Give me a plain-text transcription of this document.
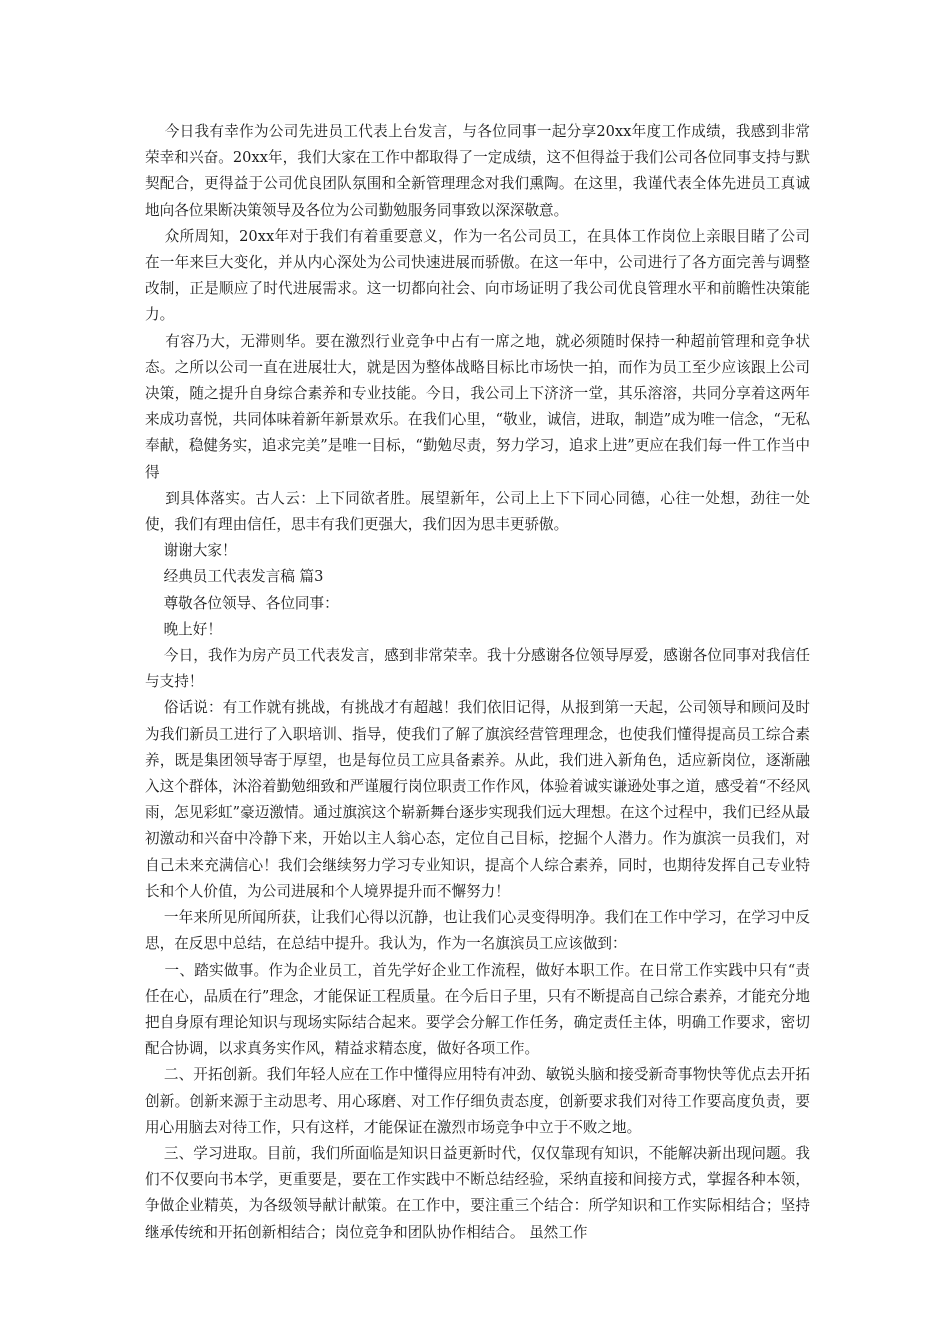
今日我有幸作为公司先进员工代表上台发言，与各位同事一起分享20xx年度工作成绩，我感到非常荣幸和兴奋。20xx年，我们大家在工作中都取得了一定成绩，这不但得益于我们公司各位同事支持与默契配合，更得益于公司优良团队氛围和全新管理理念对我们熏陶。在这里，我谨代表全体先进员工真诚地向各位果断决策领导及各位为公司勤勉服务同事致以深深敬意。

众所周知，20xx年对于我们有着重要意义，作为一名公司员工，在具体工作岗位上亲眼目睹了公司在一年来巨大变化，并从内心深处为公司快速进展而骄傲。在这一年中，公司进行了各方面完善与调整改制，正是顺应了时代进展需求。这一切都向社会、向市场证明了我公司优良管理水平和前瞻性决策能力。

有容乃大，无滞则华。要在激烈行业竞争中占有一席之地，就必须随时保持一种超前管理和竞争状态。之所以公司一直在进展壮大，就是因为整体战略目标比市场快一拍，而作为员工至少应该跟上公司决策，随之提升自身综合素养和专业技能。今日，我公司上下济济一堂，其乐溶溶，共同分享着这两年来成功喜悦，共同体味着新年新景欢乐。在我们心里，“敬业，诚信，进取，制造”成为唯一信念，“无私奉献，稳健务实，追求完美”是唯一目标，“勤勉尽责，努力学习，追求上进”更应在我们每一件工作当中得

到具体落实。古人云：上下同欲者胜。展望新年，公司上上下下同心同德，心往一处想，劲往一处使，我们有理由信任，思丰有我们更强大，我们因为思丰更骄傲。

谢谢大家！

经典员工代表发言稿 篇3

尊敬各位领导、各位同事：

晚上好！

今日，我作为房产员工代表发言，感到非常荣幸。我十分感谢各位领导厚爱，感谢各位同事对我信任与支持！

俗话说：有工作就有挑战，有挑战才有超越！我们依旧记得，从报到第一天起，公司领导和顾问及时为我们新员工进行了入职培训、指导，使我们了解了旗滨经营管理理念，也使我们懂得提高员工综合素养，既是集团领导寄于厚望，也是每位员工应具备素养。从此，我们进入新角色，适应新岗位，逐渐融入这个群体，沐浴着勤勉细致和严谨履行岗位职责工作作风，体验着诚实谦逊处事之道，感受着“不经风雨，怎见彩虹”豪迈激情。通过旗滨这个崭新舞台逐步实现我们远大理想。在这个过程中，我们已经从最初激动和兴奋中冷静下来，开始以主人翁心态，定位自己目标，挖掘个人潜力。作为旗滨一员我们，对自己未来充满信心！我们会继续努力学习专业知识，提高个人综合素养，同时，也期待发挥自己专业特长和个人价值，为公司进展和个人境界提升而不懈努力！

一年来所见所闻所获，让我们心得以沉静，也让我们心灵变得明净。我们在工作中学习，在学习中反思，在反思中总结，在总结中提升。我认为，作为一名旗滨员工应该做到：

一、踏实做事。作为企业员工，首先学好企业工作流程，做好本职工作。在日常工作实践中只有“责任在心，品质在行”理念，才能保证工程质量。在今后日子里，只有不断提高自己综合素养，才能充分地把自身原有理论知识与现场实际结合起来。要学会分解工作任务，确定责任主体，明确工作要求，密切配合协调，以求真务实作风，精益求精态度，做好各项工作。

二、开拓创新。我们年轻人应在工作中懂得应用特有冲劲、敏锐头脑和接受新奇事物快等优点去开拓创新。创新来源于主动思考、用心琢磨、对工作仔细负责态度，创新要求我们对待工作要高度负责，要用心用脑去对待工作，只有这样，才能保证在激烈市场竞争中立于不败之地。

三、学习进取。目前，我们所面临是知识日益更新时代，仅仅靠现有知识，不能解决新出现问题。我们不仅要向书本学，更重要是，要在工作实践中不断总结经验，采纳直接和间接方式，掌握各种本领，争做企业精英，为各级领导献计献策。在工作中，要注重三个结合：所学知识和工作实际相结合；坚持继承传统和开拓创新相结合；岗位竞争和团队协作相结合。 虽然工作
